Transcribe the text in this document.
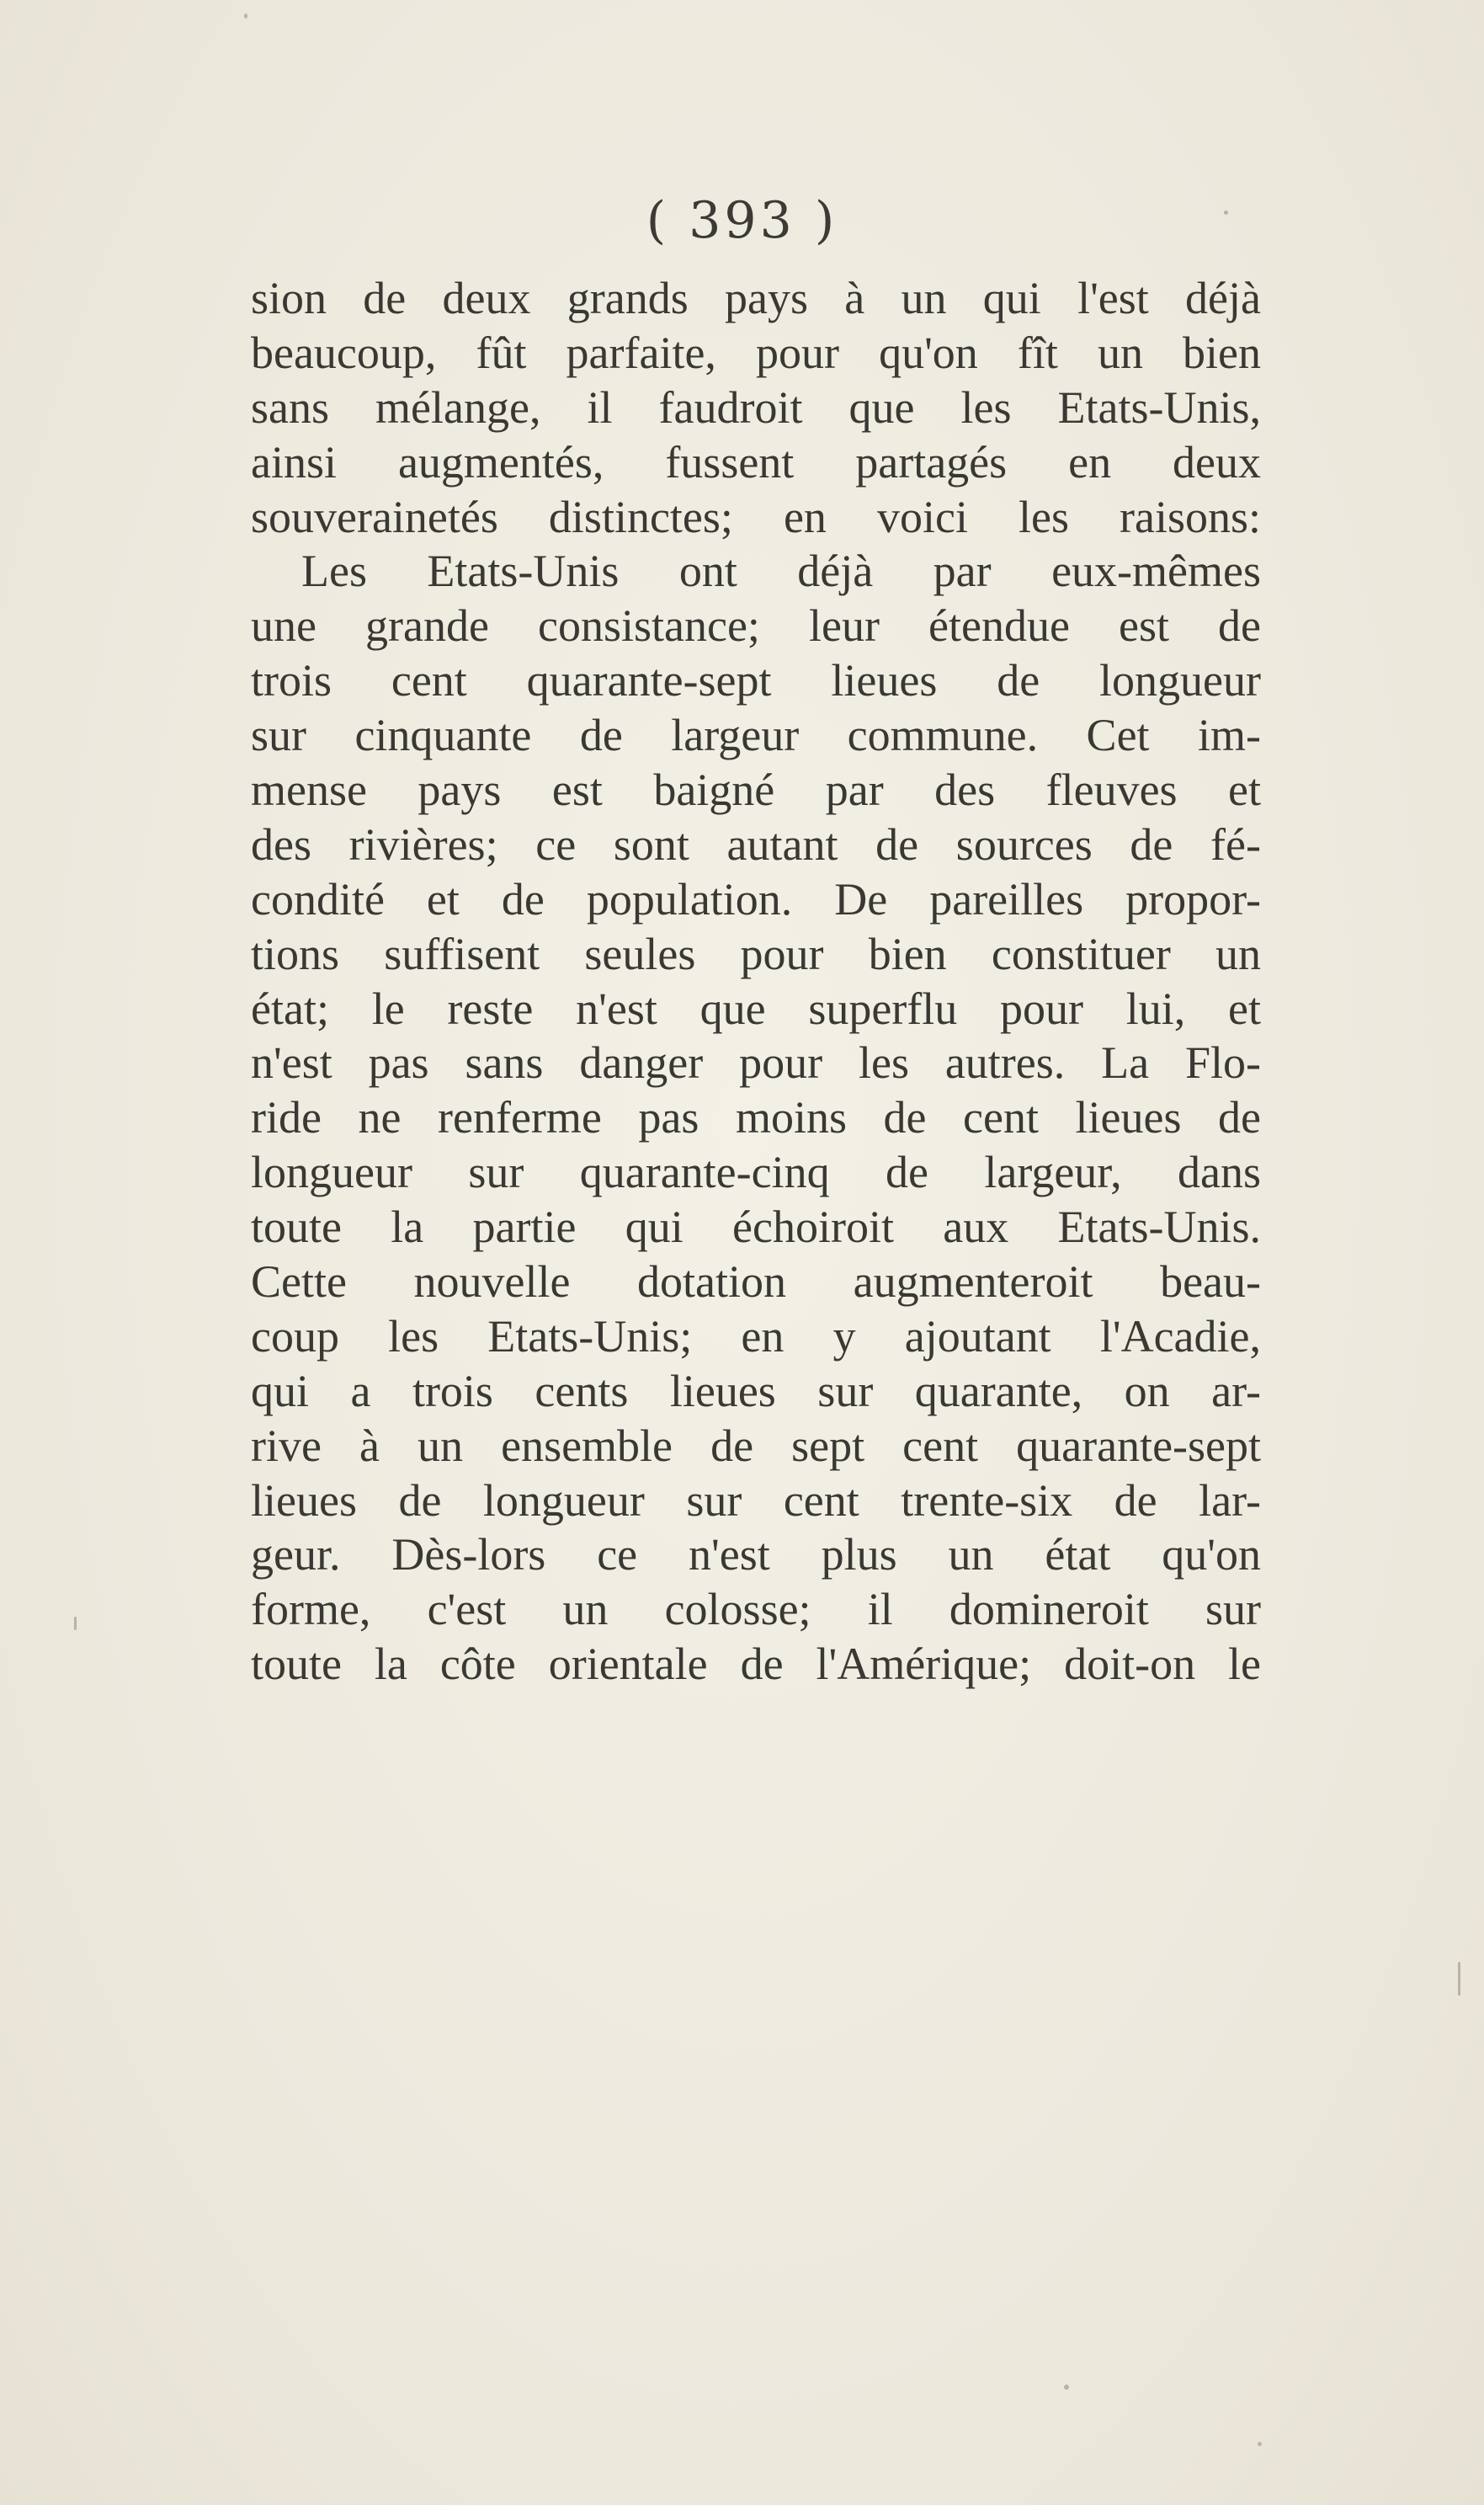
( 393 )
sion de deux grands pays à un qui l'est déjà
beaucoup, fût parfaite, pour qu'on fît un bien
sans mélange, il faudroit que les Etats-Unis,
ainsi augmentés, fussent partagés en deux
souverainetés distinctes; en voici les raisons:
Les Etats-Unis ont déjà par eux-mêmes
une grande consistance; leur étendue est de
trois cent quarante-sept lieues de longueur
sur cinquante de largeur commune. Cet im-
mense pays est baigné par des fleuves et
des rivières; ce sont autant de sources de fé-
condité et de population. De pareilles propor-
tions suffisent seules pour bien constituer un
état; le reste n'est que superflu pour lui, et
n'est pas sans danger pour les autres. La Flo-
ride ne renferme pas moins de cent lieues de
longueur sur quarante-cinq de largeur, dans
toute la partie qui échoiroit aux Etats-Unis.
Cette nouvelle dotation augmenteroit beau-
coup les Etats-Unis; en y ajoutant l'Acadie,
qui a trois cents lieues sur quarante, on ar-
rive à un ensemble de sept cent quarante-sept
lieues de longueur sur cent trente-six de lar-
geur. Dès-lors ce n'est plus un état qu'on
forme, c'est un colosse; il domineroit sur
toute la côte orientale de l'Amérique; doit-on le
